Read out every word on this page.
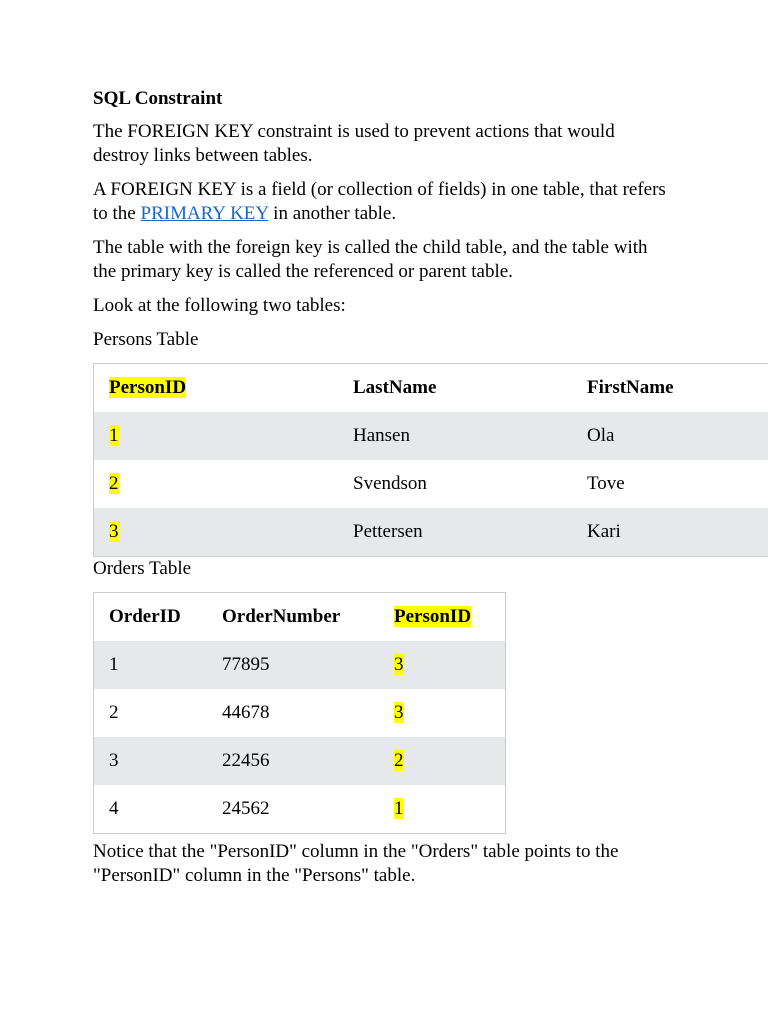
SQL Constraint

The FOREIGN KEY constraint is used to prevent actions that would destroy links between tables.

A FOREIGN KEY is a field (or collection of fields) in one table, that refers to the PRIMARY KEY in another table.

The table with the foreign key is called the child table, and the table with the primary key is called the referenced or parent table.

Look at the following two tables:

Persons Table
PersonID	LastName	FirstName
1	Hansen	Ola
2	Svendson	Tove
3	Pettersen	Kari
Orders Table
OrderID	OrderNumber	PersonID
1	77895	3
2	44678	3
3	22456	2
4	24562	1

Notice that the "PersonID" column in the "Orders" table points to the "PersonID" column in the "Persons" table.
